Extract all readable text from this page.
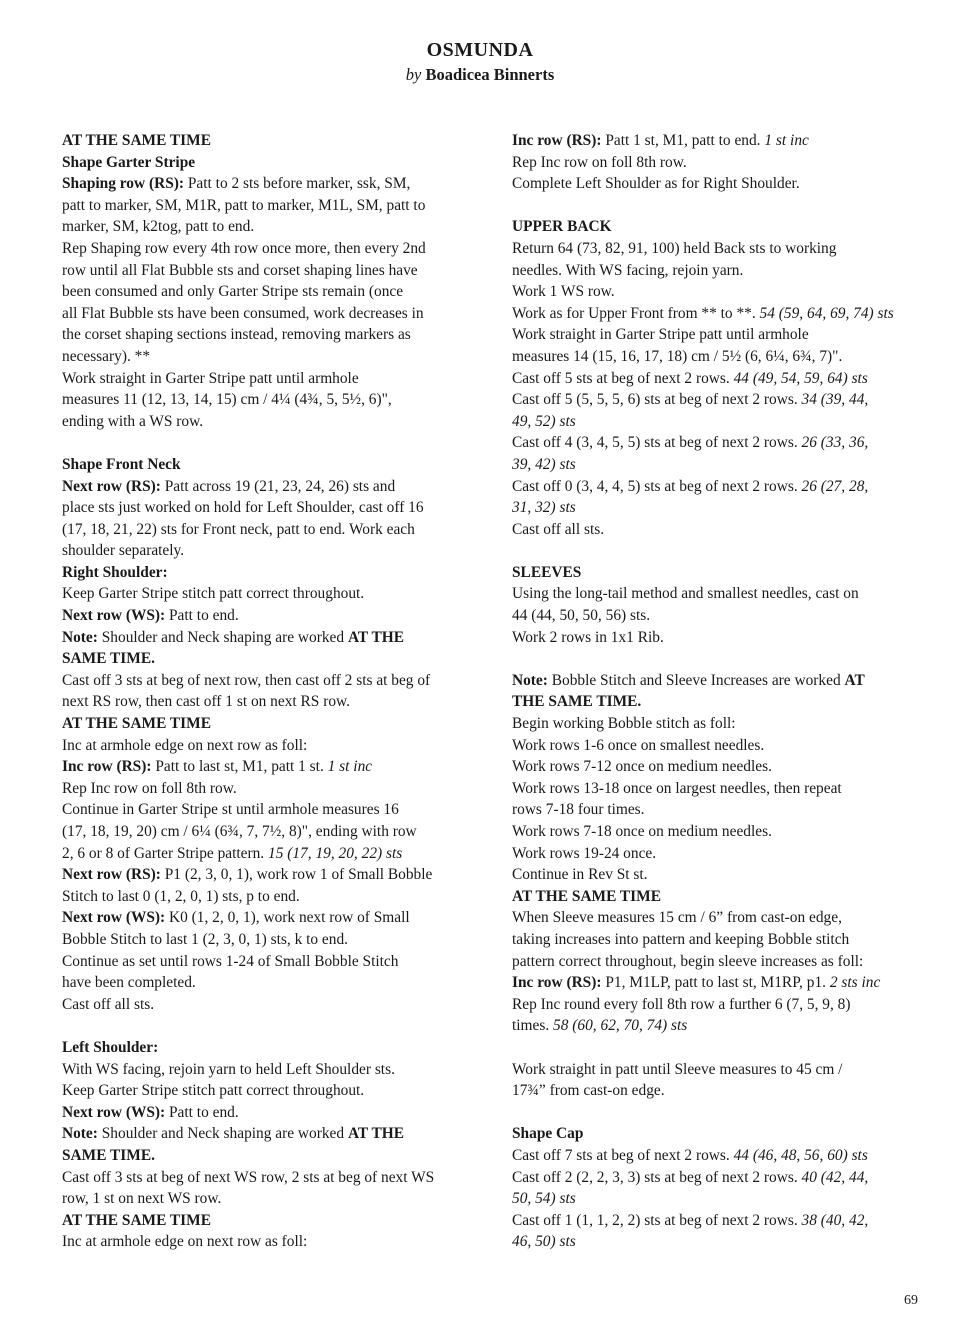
OSMUNDA
by Boadicea Binnerts
AT THE SAME TIME
Shape Garter Stripe
Shaping row (RS): Patt to 2 sts before marker, ssk, SM,
patt to marker, SM, M1R, patt to marker, M1L, SM, patt to
marker, SM, k2tog, patt to end.
Rep Shaping row every 4th row once more, then every 2nd
row until all Flat Bubble sts and corset shaping lines have
been consumed and only Garter Stripe sts remain (once
all Flat Bubble sts have been consumed, work decreases in
the corset shaping sections instead, removing markers as
necessary). **
Work straight in Garter Stripe patt until armhole
measures 11 (12, 13, 14, 15) cm / 4¼ (4¾, 5, 5½, 6)",
ending with a WS row.
Shape Front Neck
Next row (RS): Patt across 19 (21, 23, 24, 26) sts and
place sts just worked on hold for Left Shoulder, cast off 16
(17, 18, 21, 22) sts for Front neck, patt to end. Work each
shoulder separately.
Right Shoulder:
Keep Garter Stripe stitch patt correct throughout.
Next row (WS): Patt to end.
Note: Shoulder and Neck shaping are worked AT THE
SAME TIME.
Cast off 3 sts at beg of next row, then cast off 2 sts at beg of
next RS row, then cast off 1 st on next RS row.
AT THE SAME TIME
Inc at armhole edge on next row as foll:
Inc row (RS): Patt to last st, M1, patt 1 st. 1 st inc
Rep Inc row on foll 8th row.
Continue in Garter Stripe st until armhole measures 16
(17, 18, 19, 20) cm / 6¼ (6¾, 7, 7½, 8)", ending with row
2, 6 or 8 of Garter Stripe pattern. 15 (17, 19, 20, 22) sts
Next row (RS): P1 (2, 3, 0, 1), work row 1 of Small Bobble
Stitch to last 0 (1, 2, 0, 1) sts, p to end.
Next row (WS): K0 (1, 2, 0, 1), work next row of Small
Bobble Stitch to last 1 (2, 3, 0, 1) sts, k to end.
Continue as set until rows 1-24 of Small Bobble Stitch
have been completed.
Cast off all sts.
Left Shoulder:
With WS facing, rejoin yarn to held Left Shoulder sts.
Keep Garter Stripe stitch patt correct throughout.
Next row (WS): Patt to end.
Note: Shoulder and Neck shaping are worked AT THE
SAME TIME.
Cast off 3 sts at beg of next WS row, 2 sts at beg of next WS
row, 1 st on next WS row.
AT THE SAME TIME
Inc at armhole edge on next row as foll:
Inc row (RS): Patt 1 st, M1, patt to end. 1 st inc
Rep Inc row on foll 8th row.
Complete Left Shoulder as for Right Shoulder.
UPPER BACK
Return 64 (73, 82, 91, 100) held Back sts to working
needles. With WS facing, rejoin yarn.
Work 1 WS row.
Work as for Upper Front from ** to **. 54 (59, 64, 69, 74) sts
Work straight in Garter Stripe patt until armhole
measures 14 (15, 16, 17, 18) cm / 5½ (6, 6¼, 6¾, 7)".
Cast off 5 sts at beg of next 2 rows. 44 (49, 54, 59, 64) sts
Cast off 5 (5, 5, 5, 6) sts at beg of next 2 rows. 34 (39, 44,
49, 52) sts
Cast off 4 (3, 4, 5, 5) sts at beg of next 2 rows. 26 (33, 36,
39, 42) sts
Cast off 0 (3, 4, 4, 5) sts at beg of next 2 rows. 26 (27, 28,
31, 32) sts
Cast off all sts.
SLEEVES
Using the long-tail method and smallest needles, cast on
44 (44, 50, 50, 56) sts.
Work 2 rows in 1x1 Rib.
Note: Bobble Stitch and Sleeve Increases are worked AT
THE SAME TIME.
Begin working Bobble stitch as foll:
Work rows 1-6 once on smallest needles.
Work rows 7-12 once on medium needles.
Work rows 13-18 once on largest needles, then repeat
rows 7-18 four times.
Work rows 7-18 once on medium needles.
Work rows 19-24 once.
Continue in Rev St st.
AT THE SAME TIME
When Sleeve measures 15 cm / 6” from cast-on edge,
taking increases into pattern and keeping Bobble stitch
pattern correct throughout, begin sleeve increases as foll:
Inc row (RS): P1, M1LP, patt to last st, M1RP, p1. 2 sts inc
Rep Inc round every foll 8th row a further 6 (7, 5, 9, 8)
times. 58 (60, 62, 70, 74) sts
Work straight in patt until Sleeve measures to 45 cm /
17¾” from cast-on edge.
Shape Cap
Cast off 7 sts at beg of next 2 rows. 44 (46, 48, 56, 60) sts
Cast off 2 (2, 2, 3, 3) sts at beg of next 2 rows. 40 (42, 44,
50, 54) sts
Cast off 1 (1, 1, 2, 2) sts at beg of next 2 rows. 38 (40, 42,
46, 50) sts
69
